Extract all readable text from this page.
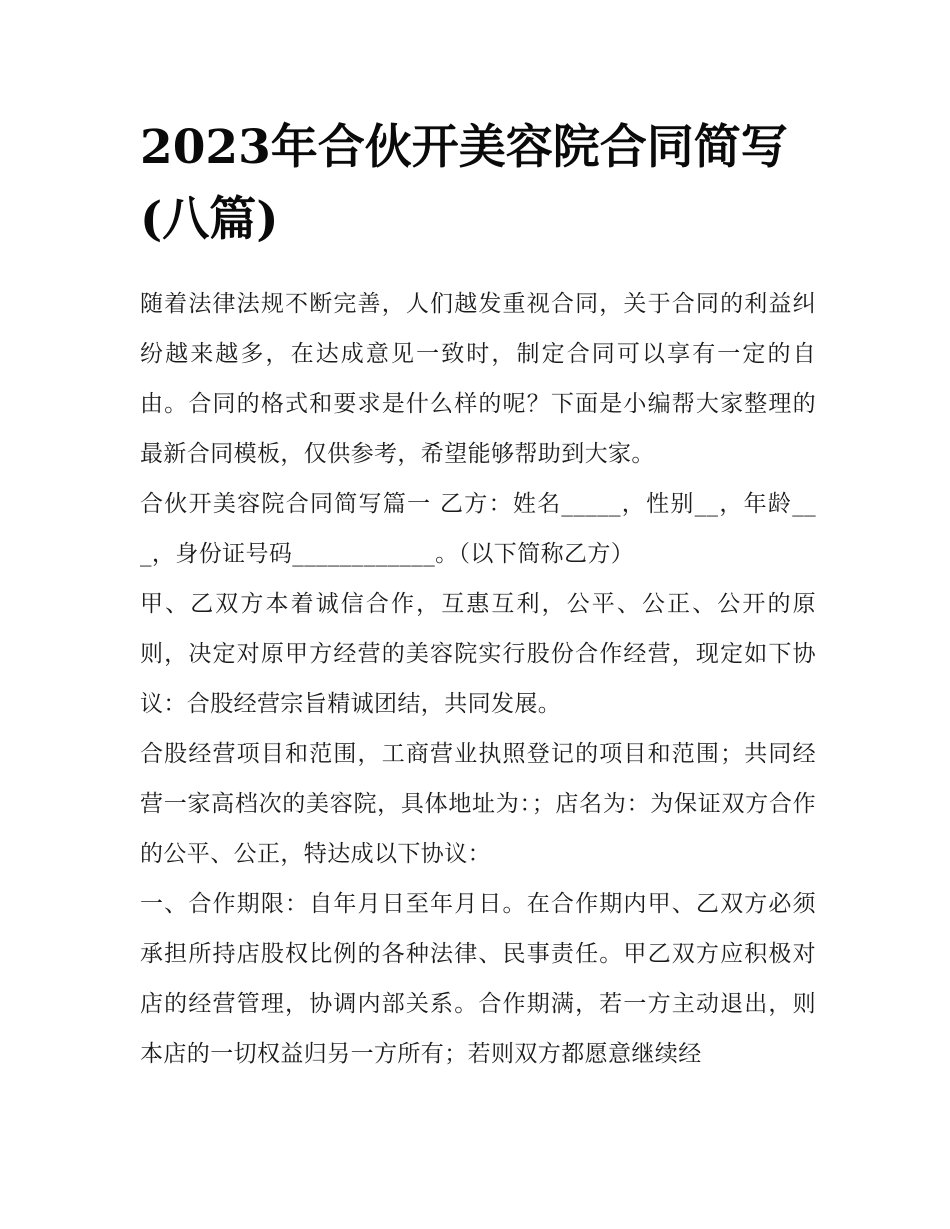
2023年合伙开美容院合同简写(八篇)

随着法律法规不断完善，人们越发重视合同，关于合同的利益纠纷越来越多，在达成意见一致时，制定合同可以享有一定的自由。合同的格式和要求是什么样的呢？下面是小编帮大家整理的最新合同模板，仅供参考，希望能够帮助到大家。

合伙开美容院合同简写篇一 乙方：姓名_____，性别__，年龄___，身份证号码____________。（以下简称乙方）

甲、乙双方本着诚信合作，互惠互利，公平、公正、公开的原则，决定对原甲方经营的美容院实行股份合作经营，现定如下协议：合股经营宗旨精诚团结，共同发展。

合股经营项目和范围，工商营业执照登记的项目和范围；共同经营一家高档次的美容院，具体地址为：；店名为：为保证双方合作的公平、公正，特达成以下协议：

一、合作期限：自年月日至年月日。在合作期内甲、乙双方必须承担所持店股权比例的各种法律、民事责任。甲乙双方应积极对店的经营管理，协调内部关系。合作期满，若一方主动退出，则本店的一切权益归另一方所有；若则双方都愿意继续经
